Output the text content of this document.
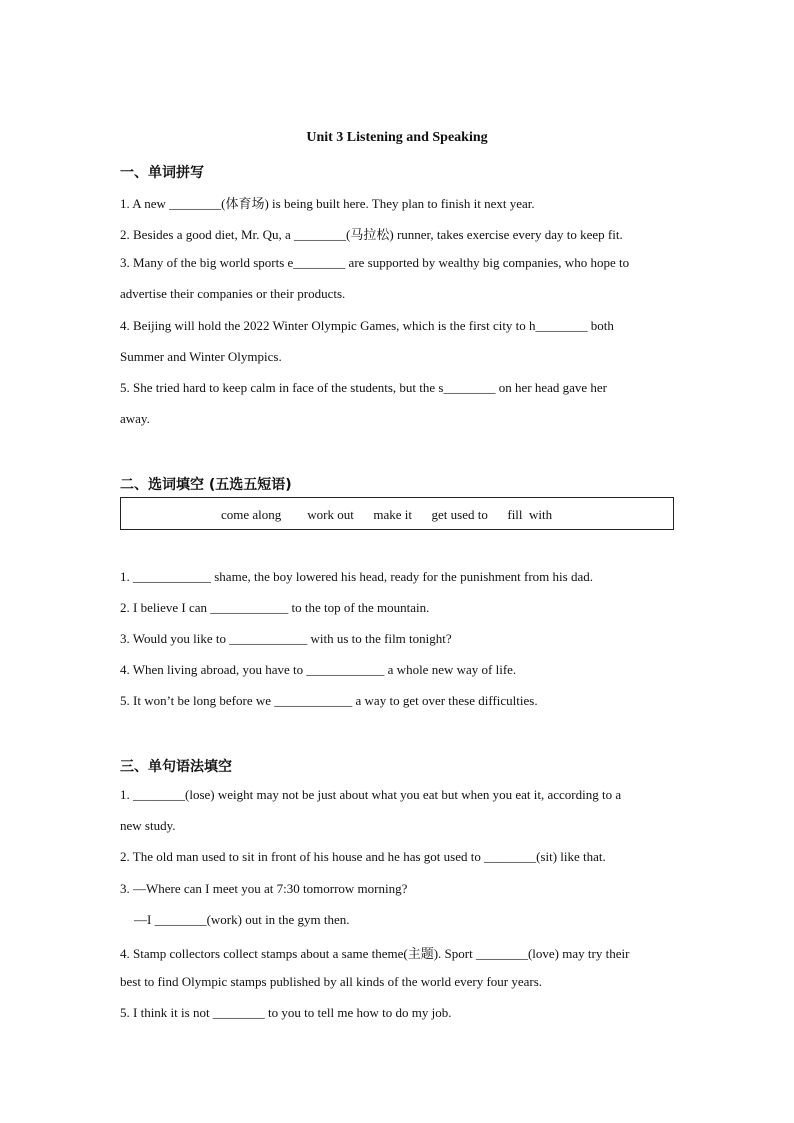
Unit 3 Listening and Speaking
一、单词拼写
1. A new ________(体育场) is being built here. They plan to finish it next year.
2. Besides a good diet, Mr. Qu, a ________(马拉松) runner, takes exercise every day to keep fit.
3. Many of the big world sports e________ are supported by wealthy big companies, who hope to
advertise their companies or their products.
4. Beijing will hold the 2022 Winter Olympic Games, which is the first city to h________ both
Summer and Winter Olympics.
5. She tried hard to keep calm in face of the students, but the s________ on her head gave her
away.
二、选词填空 (五选五短语)
come along work out make it get used to fill  with
1. ____________ shame, the boy lowered his head, ready for the punishment from his dad.
2. I believe I can ____________ to the top of the mountain.
3. Would you like to ____________ with us to the film tonight?
4. When living abroad, you have to ____________ a whole new way of life.
5. It won’t be long before we ____________ a way to get over these difficulties.
三、单句语法填空
1. ________(lose) weight may not be just about what you eat but when you eat it, according to a
new study.
2. The old man used to sit in front of his house and he has got used to ________(sit) like that.
3. —Where can I meet you at 7:30 tomorrow morning?
—I ________(work) out in the gym then.
4. Stamp collectors collect stamps about a same theme(主题). Sport ________(love) may try their
best to find Olympic stamps published by all kinds of the world every four years.
5. I think it is not ________ to you to tell me how to do my job.
